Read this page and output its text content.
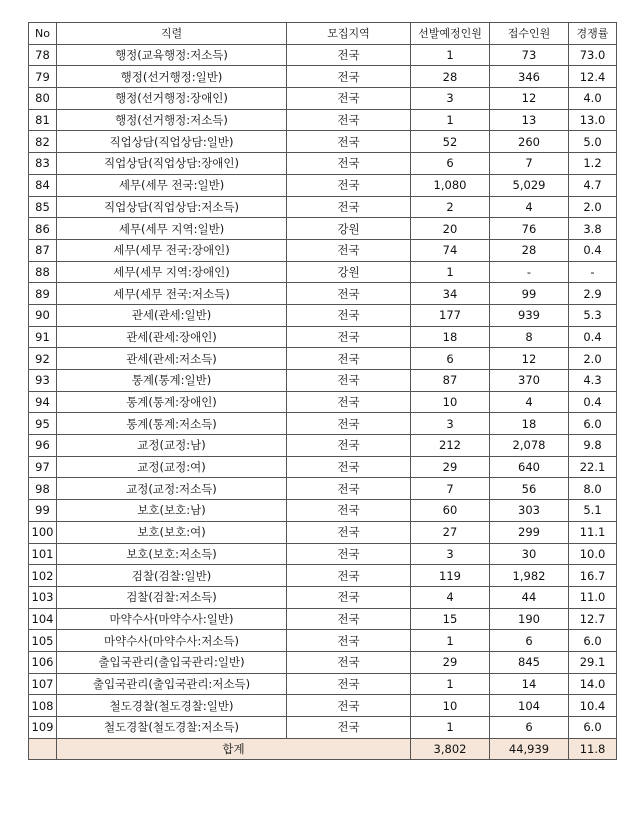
No	직렬	모집지역	선발예정인원	접수인원	경쟁률
78	행정(교육행정:저소득)	전국	1	73	73.0
79	행정(선거행정:일반)	전국	28	346	12.4
80	행정(선거행정:장애인)	전국	3	12	4.0
81	행정(선거행정:저소득)	전국	1	13	13.0
82	직업상담(직업상담:일반)	전국	52	260	5.0
83	직업상담(직업상담:장애인)	전국	6	7	1.2
84	세무(세무 전국:일반)	전국	1,080	5,029	4.7
85	직업상담(직업상담:저소득)	전국	2	4	2.0
86	세무(세무 지역:일반)	강원	20	76	3.8
87	세무(세무 전국:장애인)	전국	74	28	0.4
88	세무(세무 지역:장애인)	강원	1	-	-
89	세무(세무 전국:저소득)	전국	34	99	2.9
90	관세(관세:일반)	전국	177	939	5.3
91	관세(관세:장애인)	전국	18	8	0.4
92	관세(관세:저소득)	전국	6	12	2.0
93	통계(통계:일반)	전국	87	370	4.3
94	통계(통계:장애인)	전국	10	4	0.4
95	통계(통계:저소득)	전국	3	18	6.0
96	교정(교정:남)	전국	212	2,078	9.8
97	교정(교정:여)	전국	29	640	22.1
98	교정(교정:저소득)	전국	7	56	8.0
99	보호(보호:남)	전국	60	303	5.1
100	보호(보호:여)	전국	27	299	11.1
101	보호(보호:저소득)	전국	3	30	10.0
102	검찰(검찰:일반)	전국	119	1,982	16.7
103	검찰(검찰:저소득)	전국	4	44	11.0
104	마약수사(마약수사:일반)	전국	15	190	12.7
105	마약수사(마약수사:저소득)	전국	1	6	6.0
106	출입국관리(출입국관리:일반)	전국	29	845	29.1
107	출입국관리(출입국관리:저소득)	전국	1	14	14.0
108	철도경찰(철도경찰:일반)	전국	10	104	10.4
109	철도경찰(철도경찰:저소득)	전국	1	6	6.0
	합계		3,802	44,939	11.8
